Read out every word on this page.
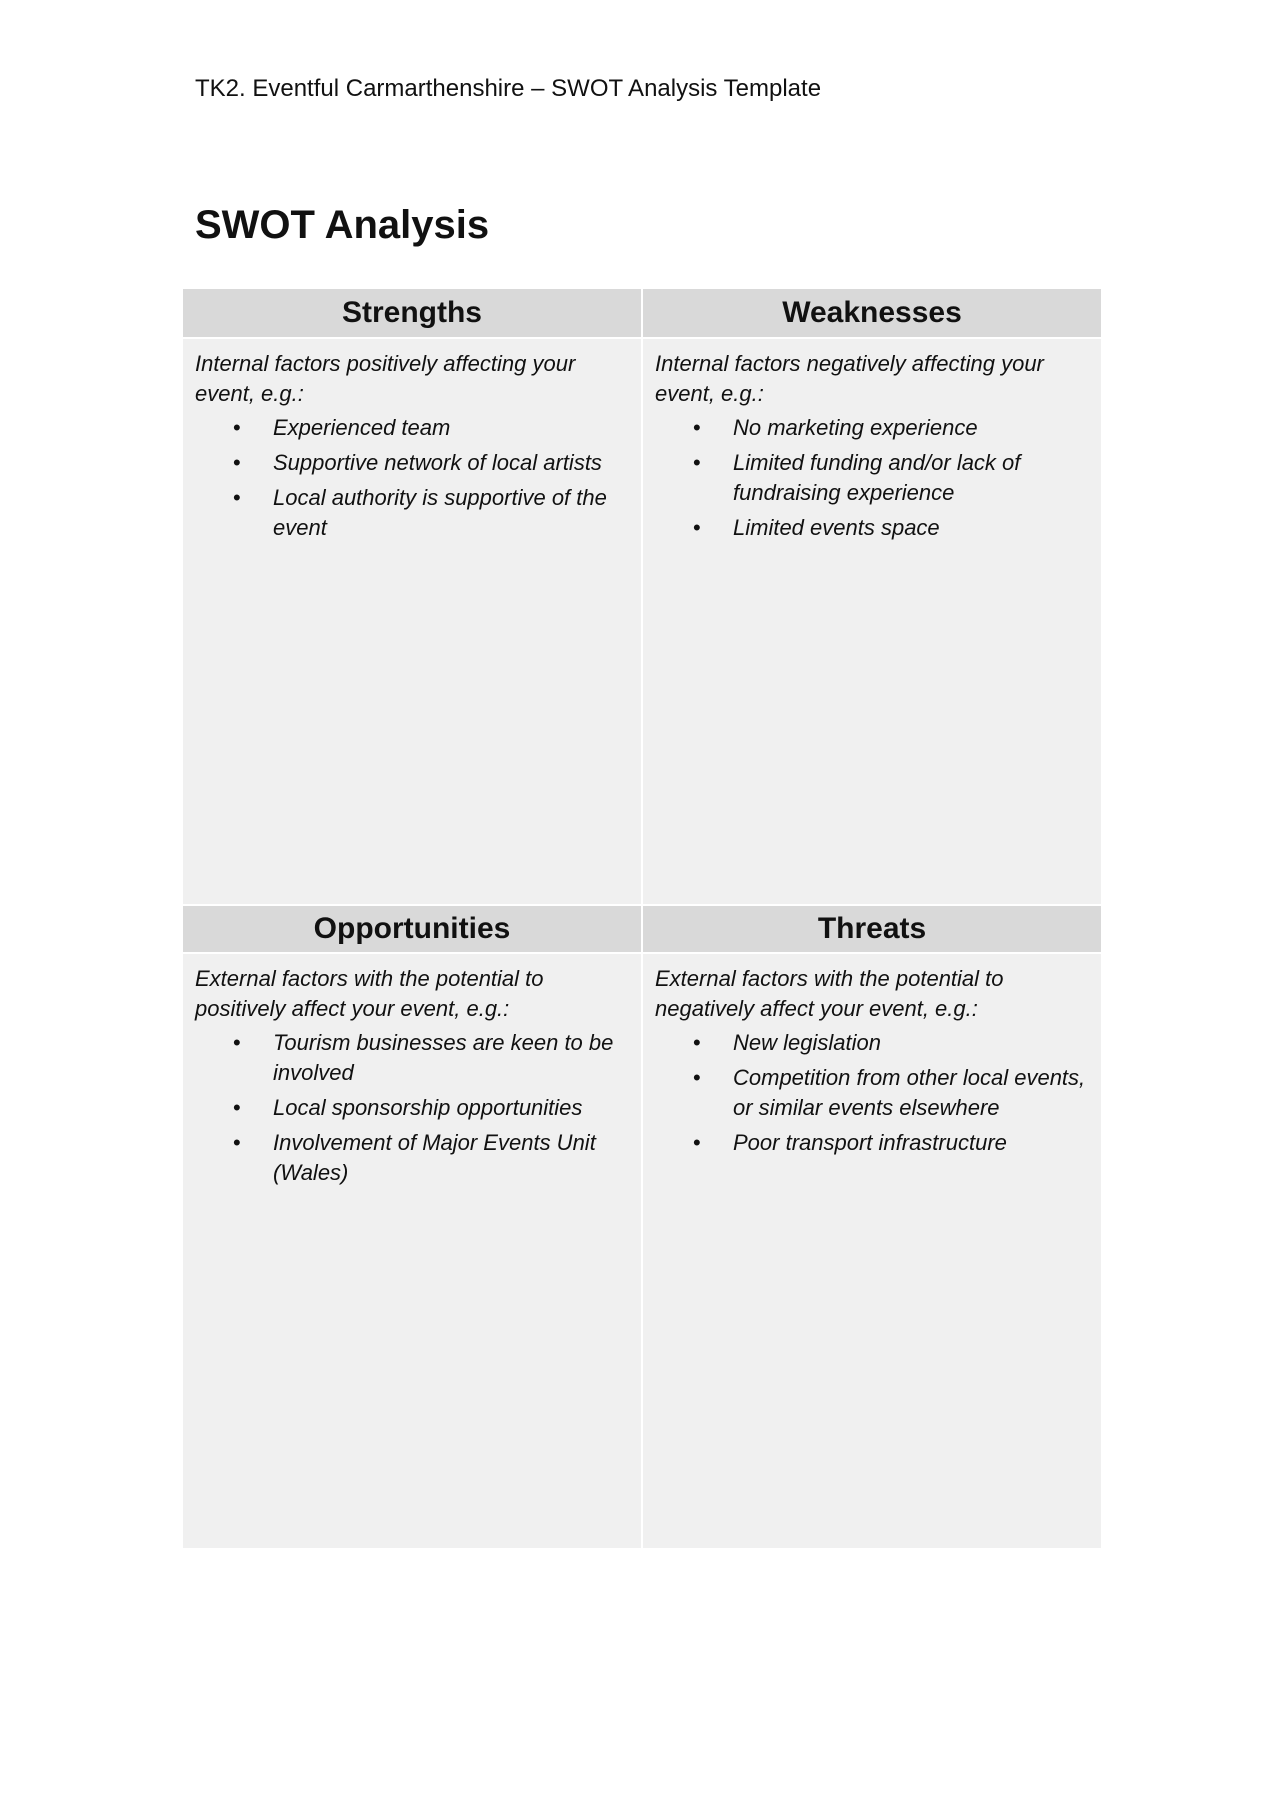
TK2. Eventful Carmarthenshire – SWOT Analysis Template

SWOT Analysis
Strengths	Weaknesses

Internal factors positively affecting your event, e.g.:

• Experienced team
• Supportive network of local artists
• Local authority is supportive of the event

Internal factors negatively affecting your event, e.g.:

• No marketing experience
• Limited funding and/or lack of fundraising experience
• Limited events space
Opportunities	Threats

External factors with the potential to positively affect your event, e.g.:

• Tourism businesses are keen to be involved
• Local sponsorship opportunities
• Involvement of Major Events Unit (Wales)

External factors with the potential to negatively affect your event, e.g.:

• New legislation
• Competition from other local events, or similar events elsewhere
• Poor transport infrastructure
